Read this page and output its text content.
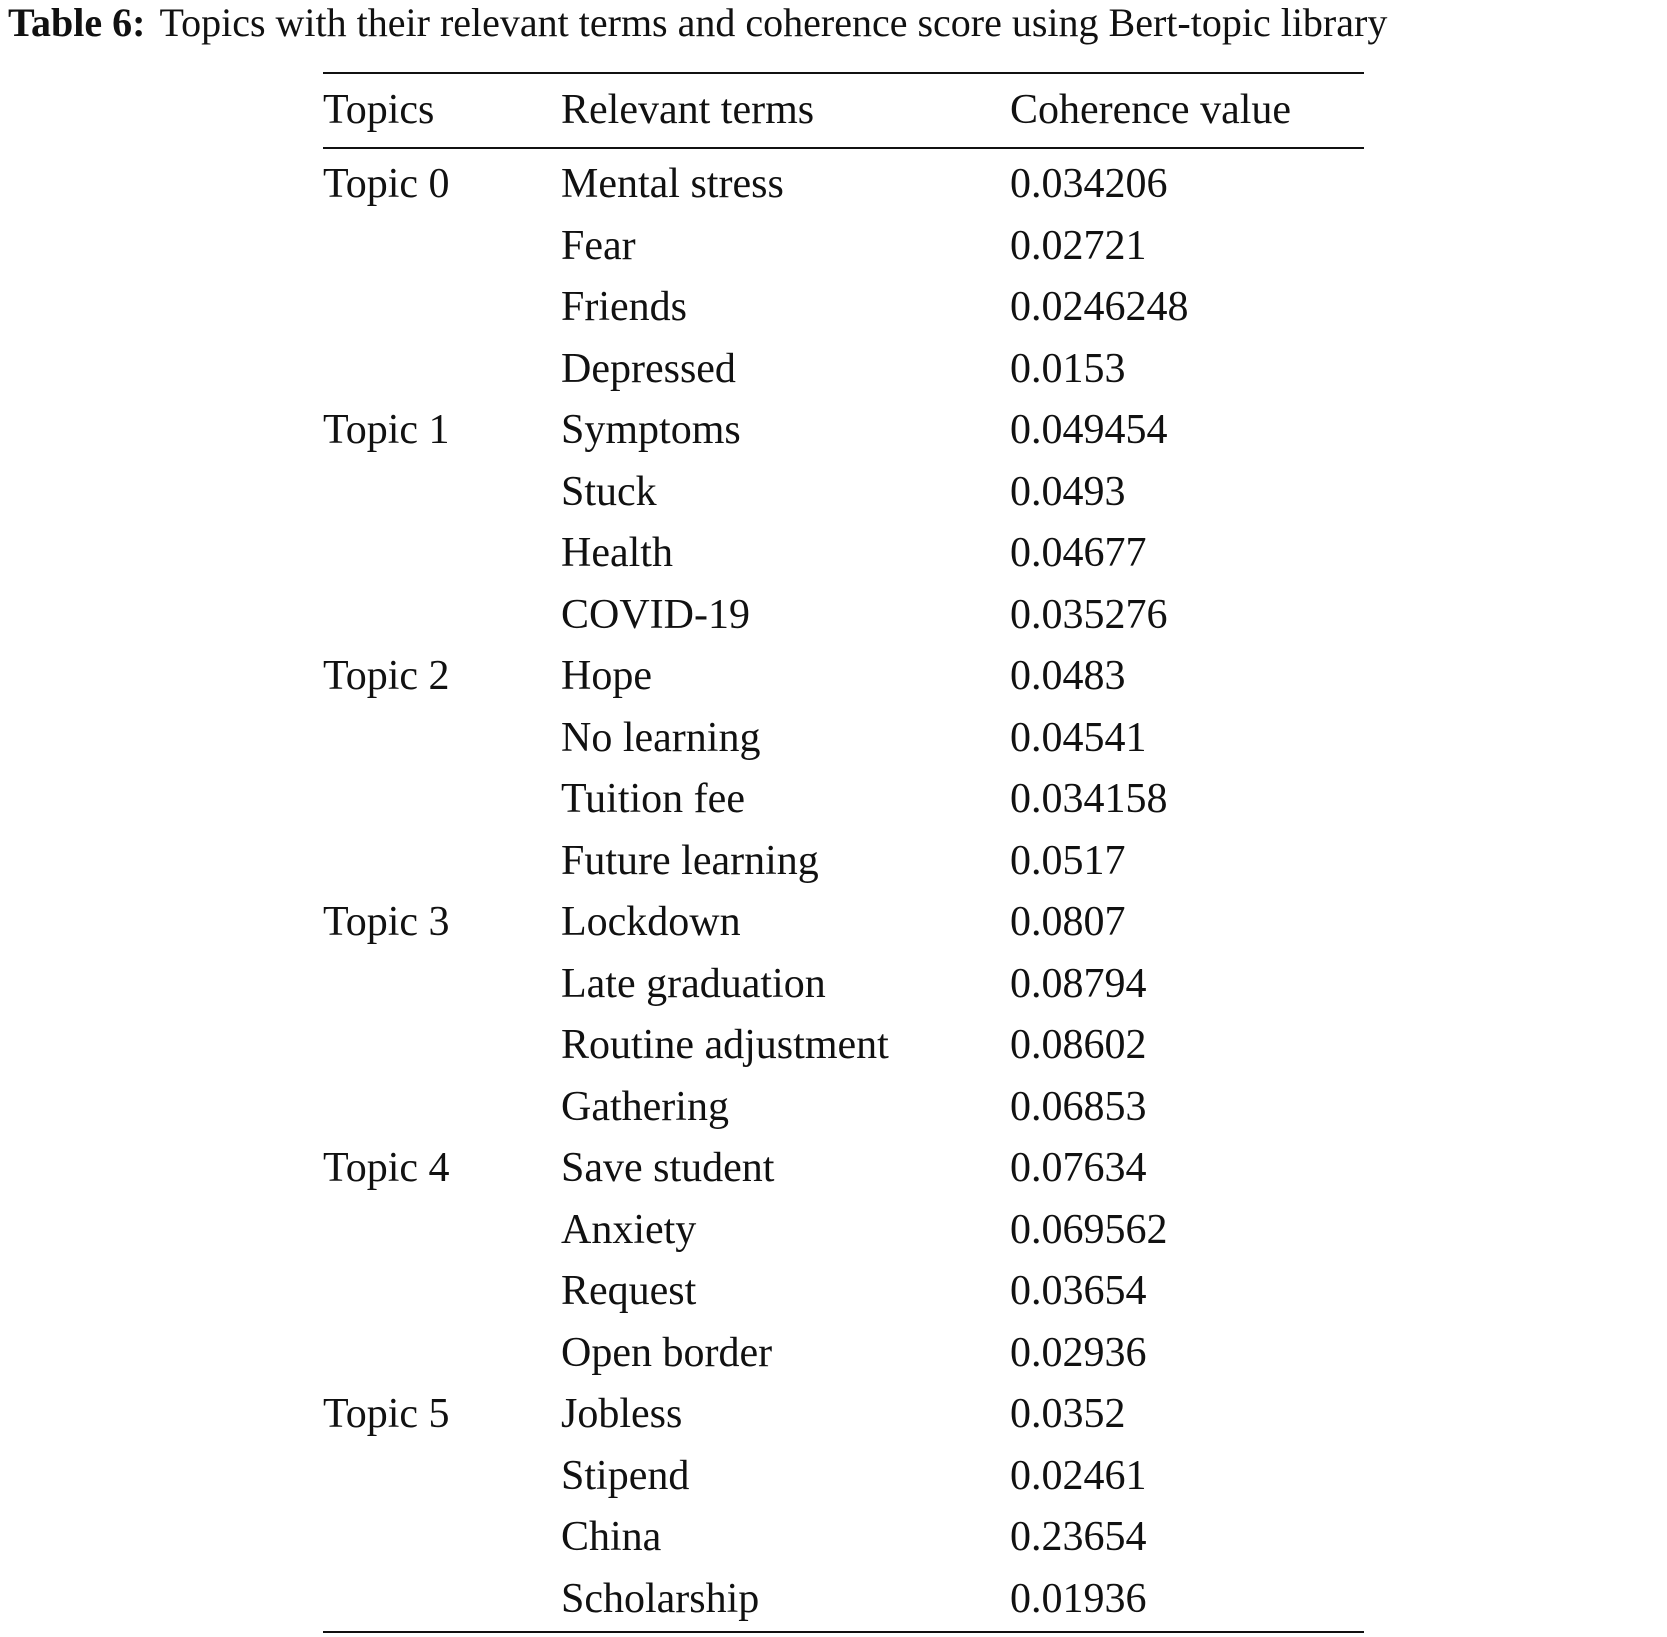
Table 6: Topics with their relevant terms and coherence score using Bert-topic library
Topics	Relevant terms	Coherence value
Topic 0	Mental stress	0.034206
Fear	0.02721
Friends	0.0246248
Depressed	0.0153
Topic 1	Symptoms	0.049454
Stuck	0.0493
Health	0.04677
COVID-19	0.035276
Topic 2	Hope	0.0483
No learning	0.04541
Tuition fee	0.034158
Future learning	0.0517
Topic 3	Lockdown	0.0807
Late graduation	0.08794
Routine adjustment	0.08602
Gathering	0.06853
Topic 4	Save student	0.07634
Anxiety	0.069562
Request	0.03654
Open border	0.02936
Topic 5	Jobless	0.0352
Stipend	0.02461
China	0.23654
Scholarship	0.01936
